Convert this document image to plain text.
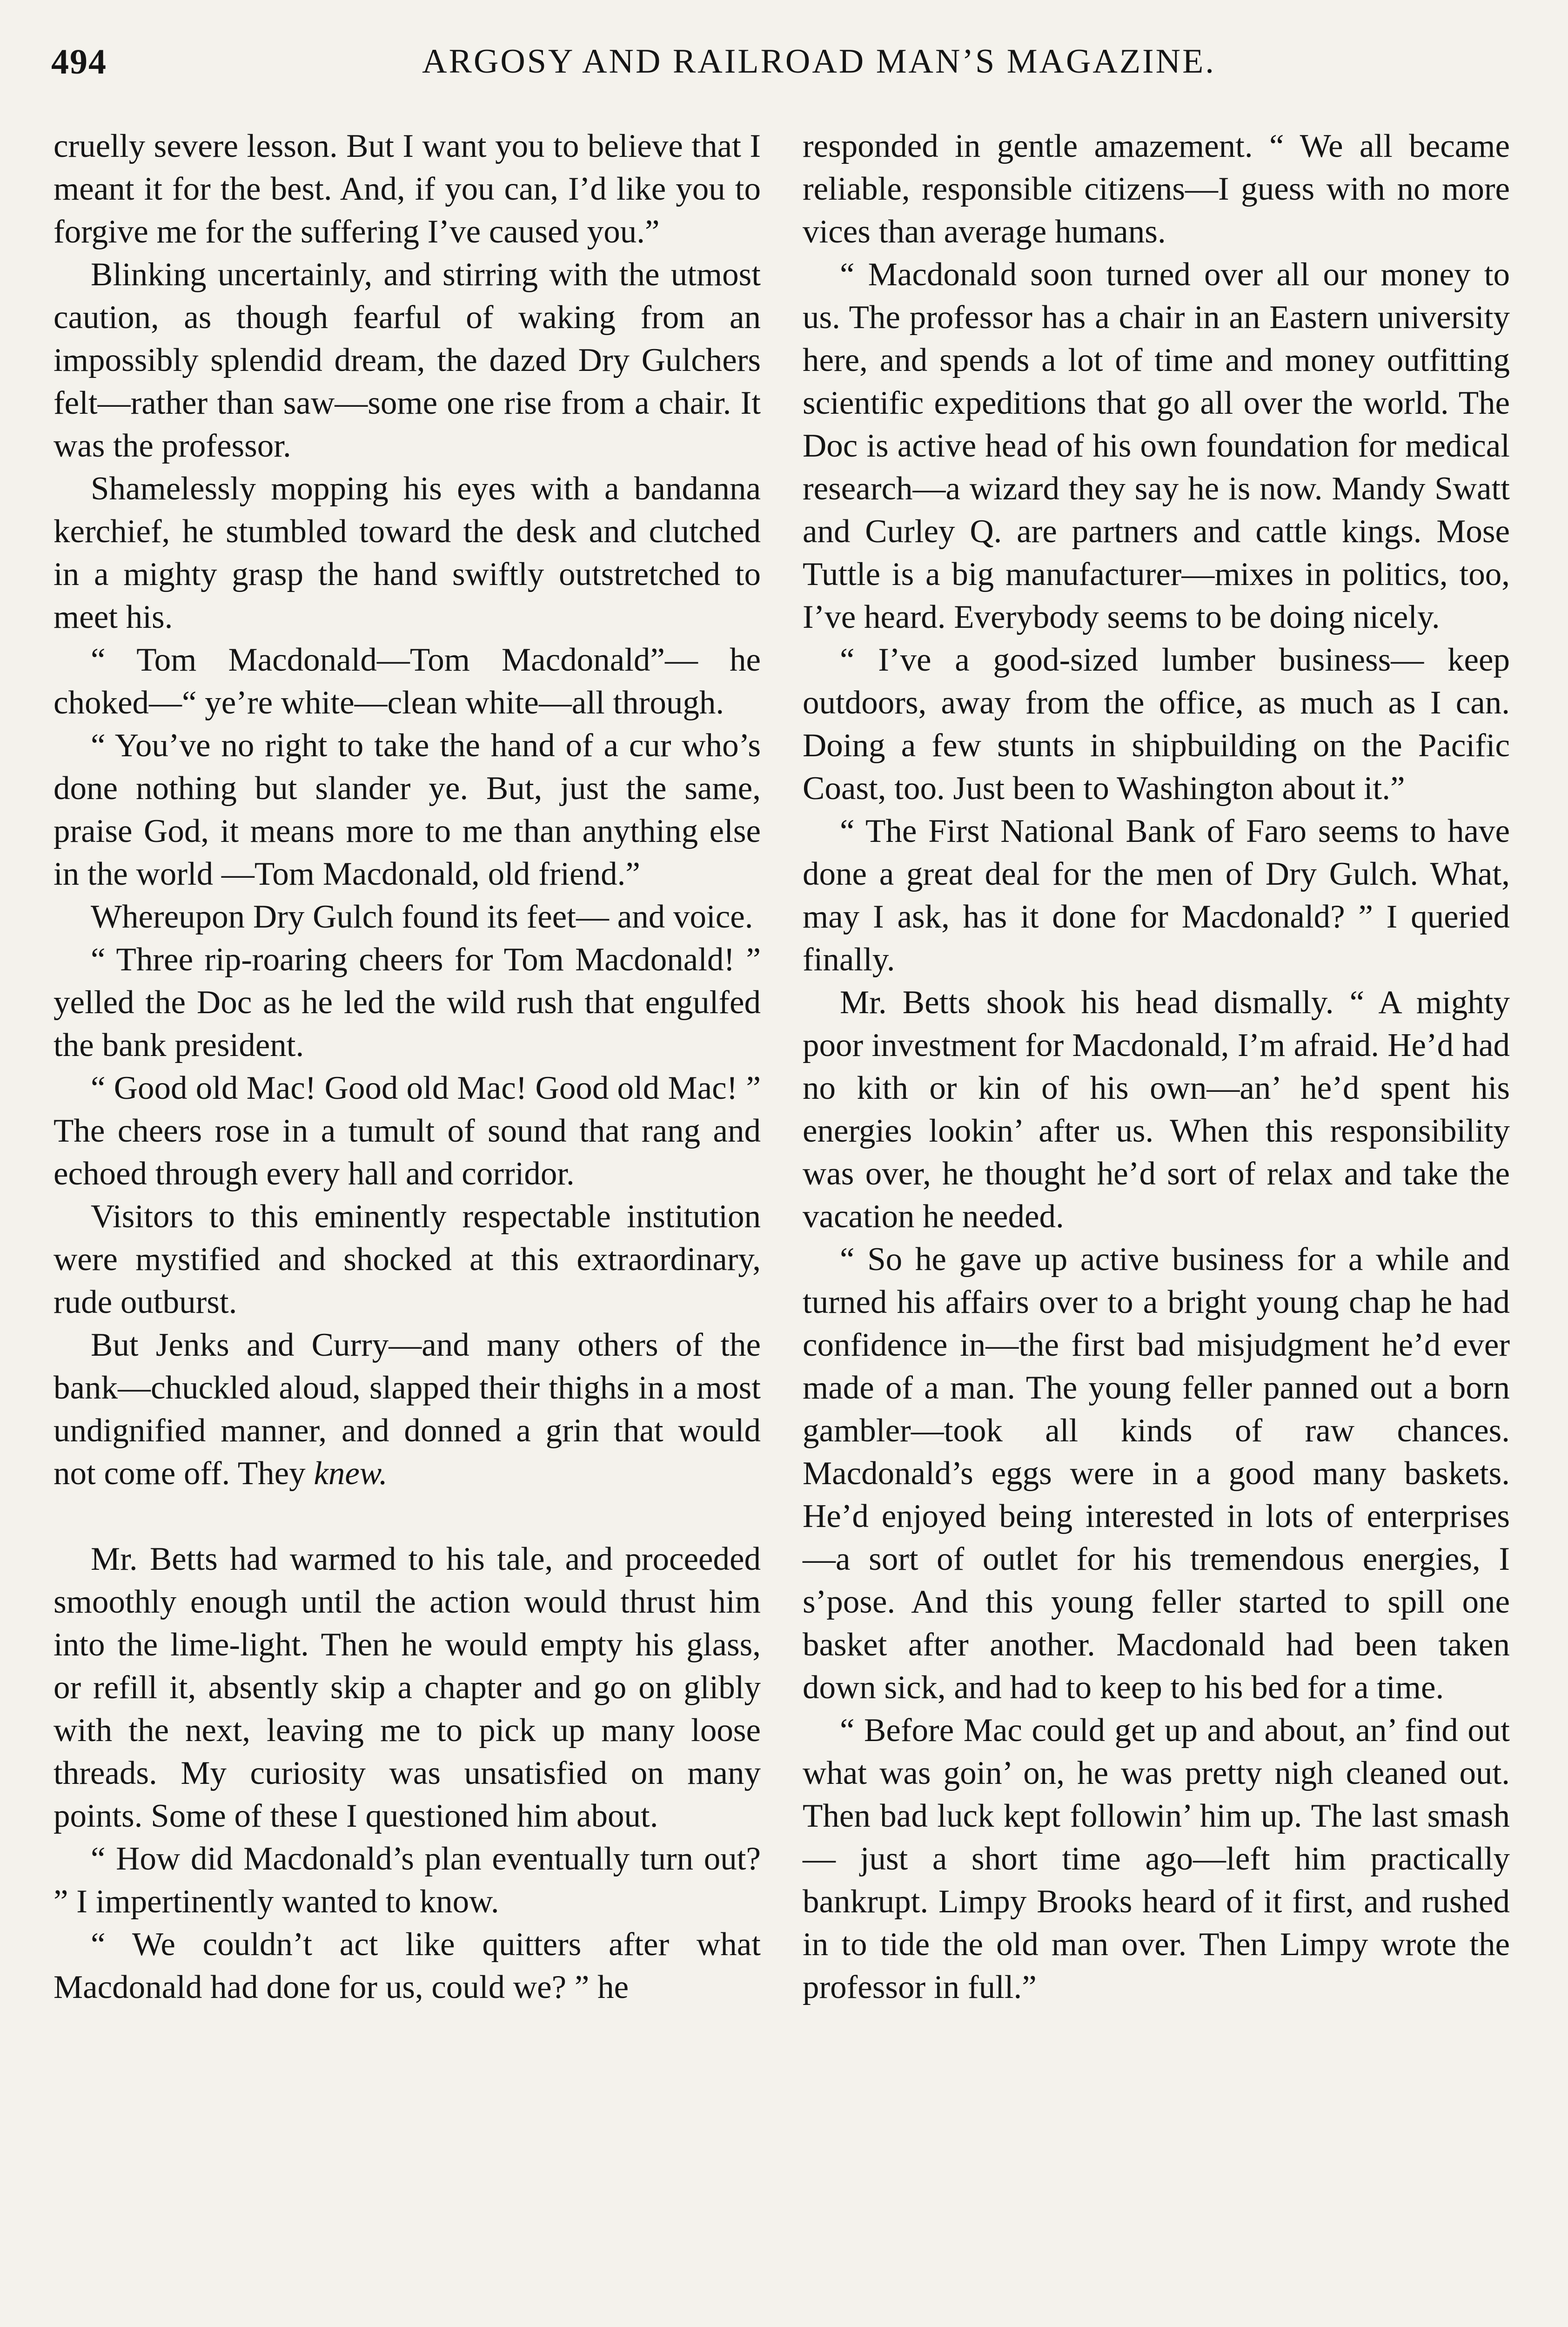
494	ARGOSY AND RAILROAD MAN’S MAGAZINE.

cruelly severe lesson. But I want you to believe that I meant it for the best. And, if you can, I’d like you to forgive me for the suffering I’ve caused you.”

Blinking uncertainly, and stirring with the utmost caution, as though fearful of waking from an impossibly splendid dream, the dazed Dry Gulchers felt—rather than saw—some one rise from a chair. It was the professor.

Shamelessly mopping his eyes with a bandanna kerchief, he stumbled toward the desk and clutched in a mighty grasp the hand swiftly outstretched to meet his.

“ Tom Macdonald—Tom Macdonald”— he choked—“ ye’re white—clean white—all through.

“ You’ve no right to take the hand of a cur who’s done nothing but slander ye. But, just the same, praise God, it means more to me than anything else in the world —Tom Macdonald, old friend.”

Whereupon Dry Gulch found its feet— and voice.

“ Three rip-roaring cheers for Tom Macdonald! ” yelled the Doc as he led the wild rush that engulfed the bank president.

“ Good old Mac! Good old Mac! Good old Mac! ” The cheers rose in a tumult of sound that rang and echoed through every hall and corridor.

Visitors to this eminently respectable institution were mystified and shocked at this extraordinary, rude outburst.

But Jenks and Curry—and many others of the bank—chuckled aloud, slapped their thighs in a most undignified manner, and donned a grin that would not come off. They knew.

Mr. Betts had warmed to his tale, and proceeded smoothly enough until the action would thrust him into the lime-light. Then he would empty his glass, or refill it, absently skip a chapter and go on glibly with the next, leaving me to pick up many loose threads. My curiosity was unsatisfied on many points. Some of these I questioned him about.

“ How did Macdonald’s plan eventually turn out? ” I impertinently wanted to know.

“ We couldn’t act like quitters after what Macdonald had done for us, could we? ” he

responded in gentle amazement. “ We all became reliable, responsible citizens—I guess with no more vices than average humans.

“ Macdonald soon turned over all our money to us. The professor has a chair in an Eastern university here, and spends a lot of time and money outfitting scientific expeditions that go all over the world. The Doc is active head of his own foundation for medical research—a wizard they say he is now. Mandy Swatt and Curley Q. are partners and cattle kings. Mose Tuttle is a big manufacturer—mixes in politics, too, I’ve heard. Everybody seems to be doing nicely.

“ I’ve a good-sized lumber business— keep outdoors, away from the office, as much as I can. Doing a few stunts in shipbuilding on the Pacific Coast, too. Just been to Washington about it.”

“ The First National Bank of Faro seems to have done a great deal for the men of Dry Gulch. What, may I ask, has it done for Macdonald? ” I queried finally.

Mr. Betts shook his head dismally. “ A mighty poor investment for Macdonald, I’m afraid. He’d had no kith or kin of his own—an’ he’d spent his energies lookin’ after us. When this responsibility was over, he thought he’d sort of relax and take the vacation he needed.

“ So he gave up active business for a while and turned his affairs over to a bright young chap he had confidence in—the first bad misjudgment he’d ever made of a man. The young feller panned out a born gambler—took all kinds of raw chances. Macdonald’s eggs were in a good many baskets. He’d enjoyed being interested in lots of enterprises—a sort of outlet for his tremendous energies, I s’pose. And this young feller started to spill one basket after another. Macdonald had been taken down sick, and had to keep to his bed for a time.

“ Before Mac could get up and about, an’ find out what was goin’ on, he was pretty nigh cleaned out. Then bad luck kept followin’ him up. The last smash— just a short time ago—left him practically bankrupt. Limpy Brooks heard of it first, and rushed in to tide the old man over. Then Limpy wrote the professor in full.”
